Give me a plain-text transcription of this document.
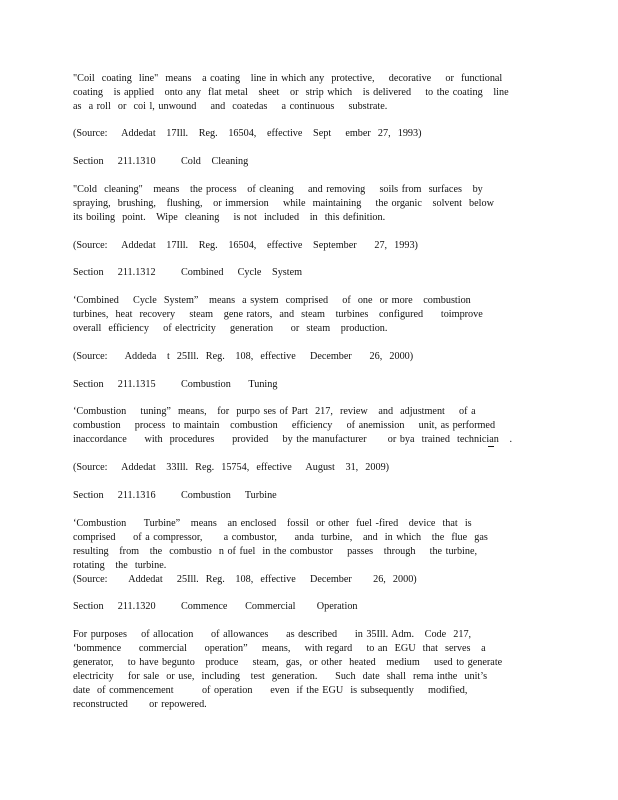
"Coil  coating  line"  means   a coating   line in which any  protective,    decorative    or  functional
coating   is applied   onto any  flat metal   sheet   or  strip which   is delivered    to the coating   line
as  a roll  or  coi l, unwound    and  coatedas    a continuous    substrate.
(Source:    Addedat   17Ill.   Reg.   16504,   effective   Sept    ember  27,  1993)
Section    211.1310 Cold   Cleaning
"Cold  cleaning"   means   the process   of cleaning    and removing    soils from  surfaces   by
spraying,  brushing,   flushing,   or immersion    while  maintaining    the organic   solvent  below
its boiling  point.   Wipe  cleaning    is not  included   in  this definition.
(Source:    Addedat   17Ill.   Reg.   16504,   effective   September     27,  1993)
Section    211.1312 Combined    Cycle   System
‘Combined    Cycle  System”   means  a system  comprised    of  one  or more   combustion
turbines,  heat  recovery    steam   gene rators,  and  steam   turbines   configured     toimprove
overall  efficiency    of electricity    generation     or  steam   production.
(Source:     Addeda   t  25Ill.  Reg.   108,  effective    December     26,  2000)
Section    211.1315 Combustion     Tuning
‘Combustion    tuning”  means,   for  purpo ses of Part  217,  review   and  adjustment    of a
combustion    process  to maintain   combustion    efficiency    of anemission    unit, as performed
inaccordance     with  procedures     provided    by the manufacturer      or bya  trained  technician   .
(Source:    Addedat   33Ill.  Reg.  15754,  effective    August   31,  2009)
Section    211.1316 Combustion    Turbine
‘Combustion     Turbine”   means   an enclosed   fossil  or other  fuel -fired   device  that  is
comprised     of a compressor,      a combustor,     anda  turbine,   and  in which   the  flue  gas
resulting   from   the  combustio  n of fuel  in the combustor    passes   through    the turbine,
rotating   the  turbine.
(Source:      Addedat    25Ill.  Reg.   108,  effective    December      26,  2000)
Section    211.1320 Commence     Commercial      Operation
For purposes    of allocation     of allowances     as described     in 35Ill. Adm.   Code  217,
‘bommence     commercial     operation”    means,    with regard    to an  EGU  that  serves   a
generator,    to have begunto   produce    steam,  gas,  or other  heated   medium    used to generate
electricity    for sale  or use,  including   test  generation.     Such  date  shall  rema inthe  unit’s
date  of commencement        of operation     even  if the EGU  is subsequently    modified,
reconstructed      or repowered.
